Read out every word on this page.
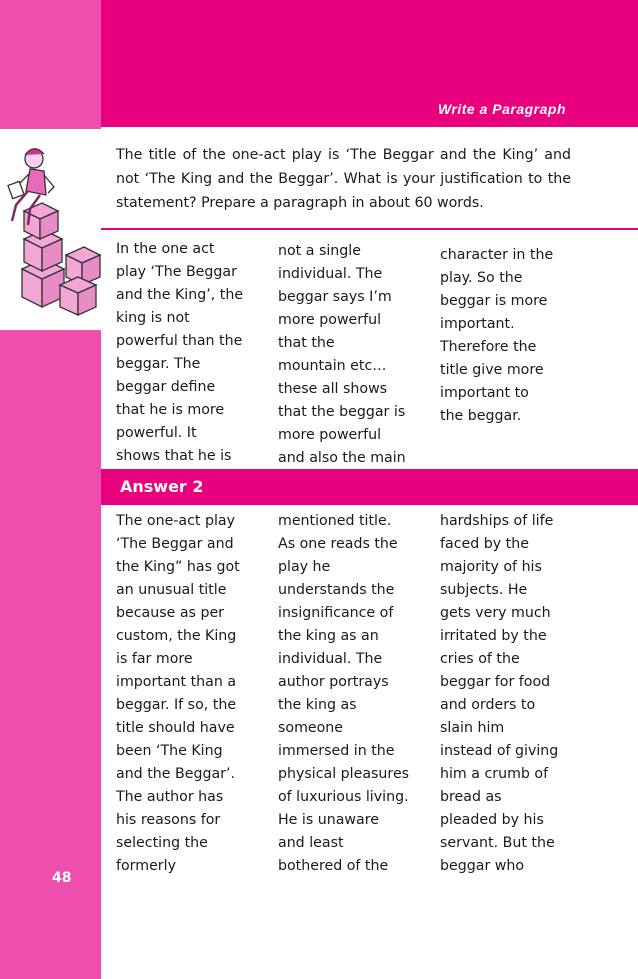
Write a Paragraph
The title of the one-act play is ‘The Beggar and the King’ and not ‘The King and the Beggar’. What is your justification to the statement? Prepare a paragraph in about 60 words.
In the one act
play ‘The Beggar
and the King’, the
king is not
powerful than the
beggar. The
beggar define
that he is more
powerful. It
shows that he is
not a single
individual. The
beggar says I’m
more powerful
that the
mountain etc…
these all shows
that the beggar is
more powerful
and also the main
character in the
play. So the
beggar is more
important.
Therefore the
title give more
important to
the beggar.
Answer 2
The one-act play
‘The Beggar and
the King” has got
an unusual title
because as per
custom, the King
is far more
important than a
beggar. If so, the
title should have
been ‘The King
and the Beggar’.
The author has
his reasons for
selecting the
formerly
mentioned title.
As one reads the
play he
understands the
insignificance of
the king as an
individual. The
author portrays
the king as
someone
immersed in the
physical pleasures
of luxurious living.
He is unaware
and least
bothered of the
hardships of life
faced by the
majority of his
subjects. He
gets very much
irritated by the
cries of the
beggar for food
and orders to
slain him
instead of giving
him a crumb of
bread as
pleaded by his
servant. But the
beggar who
48
